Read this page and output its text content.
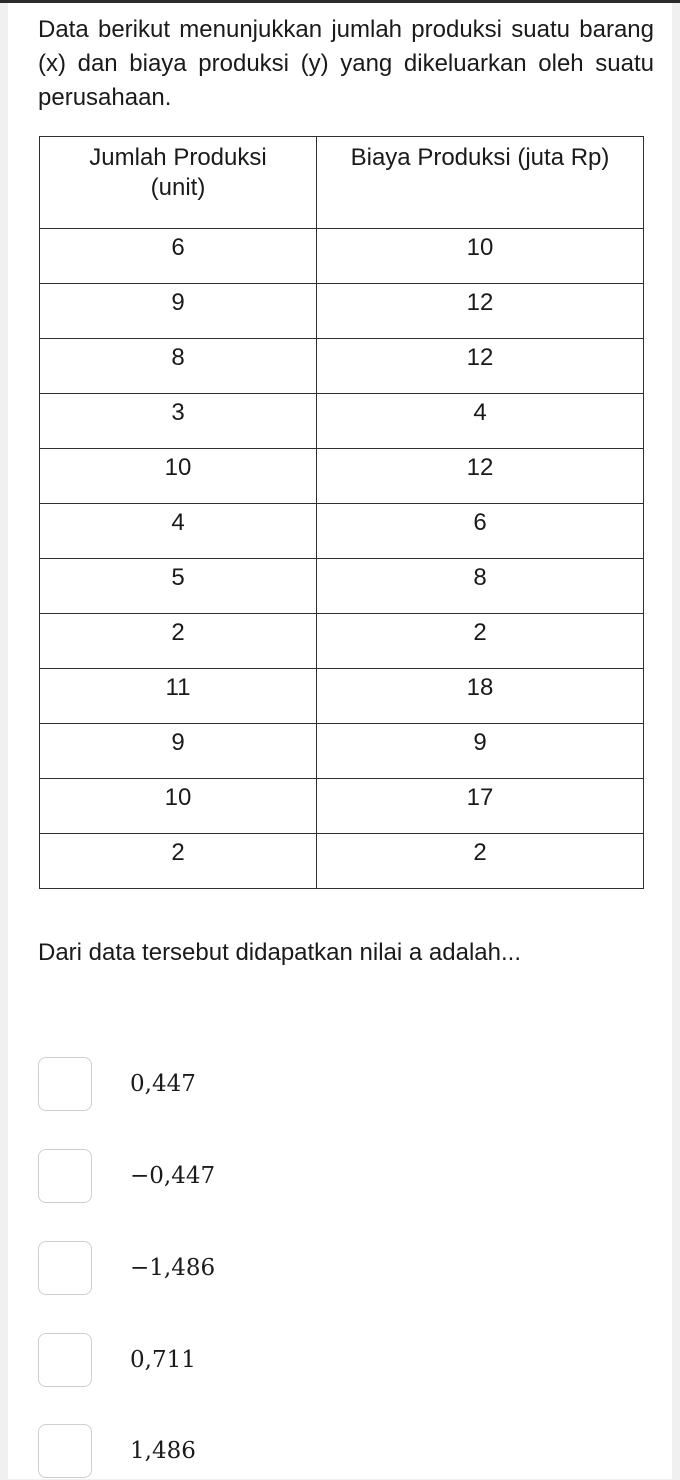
Data berikut menunjukkan jumlah produksi suatu barang (x) dan biaya produksi (y) yang dikeluarkan oleh suatu perusahaan.

Jumlah Produksi (unit)	Biaya Produksi (juta Rp)
6	10
9	12
8	12
3	4
10	12
4	6
5	8
2	2
11	18
9	9
10	17
2	2

Dari data tersebut didapatkan nilai a adalah...

0,447
−0,447
−1,486
0,711
1,486
